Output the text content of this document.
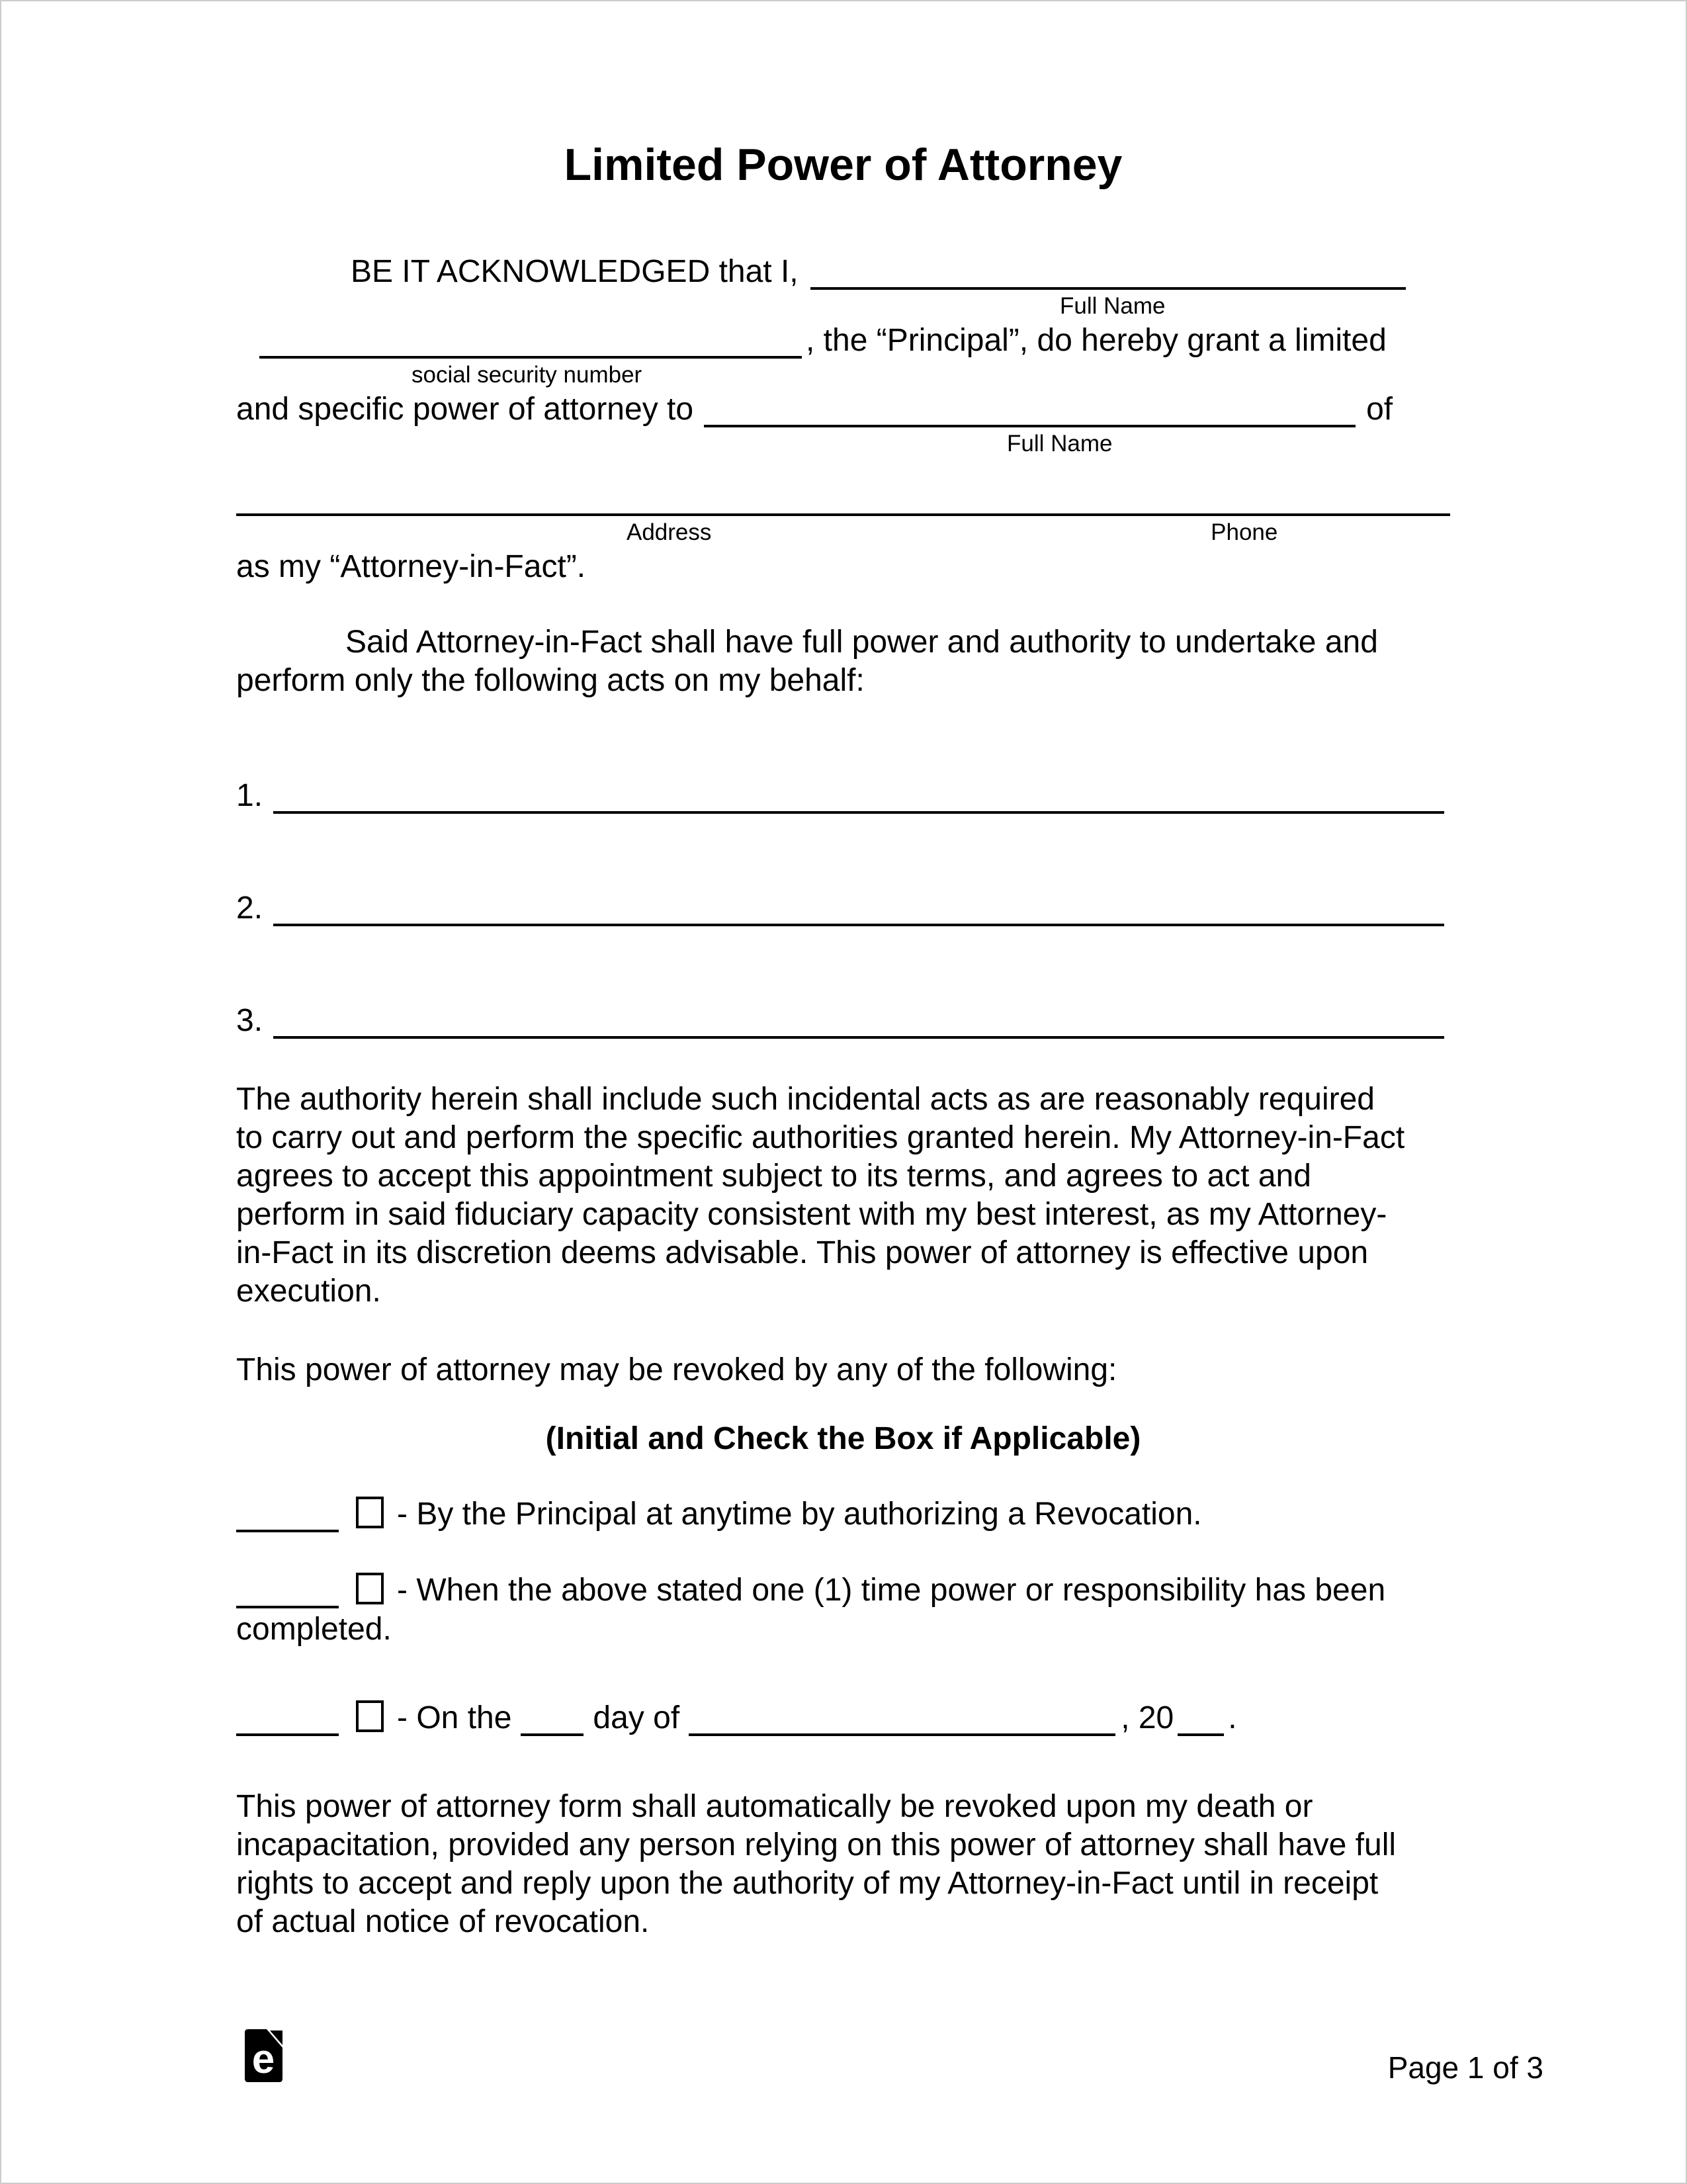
Limited Power of Attorney
BE IT ACKNOWLEDGED that I,
Full Name
, the “Principal”, do hereby grant a limited
social security number
and specific power of attorney to	of
Full Name
Address	Phone
as my “Attorney-in-Fact”.
Said Attorney-in-Fact shall have full power and authority to undertake and
perform only the following acts on my behalf:
1.
2.
3.
The authority herein shall include such incidental acts as are reasonably required
to carry out and perform the specific authorities granted herein. My Attorney-in-Fact
agrees to accept this appointment subject to its terms, and agrees to act and
perform in said fiduciary capacity consistent with my best interest, as my Attorney-
in-Fact in its discretion deems advisable. This power of attorney is effective upon
execution.
This power of attorney may be revoked by any of the following:
(Initial and Check the Box if Applicable)
- By the Principal at anytime by authorizing a Revocation.
- When the above stated one (1) time power or responsibility has been
completed.
- On the	day of	, 20 .
This power of attorney form shall automatically be revoked upon my death or
incapacitation, provided any person relying on this power of attorney shall have full
rights to accept and reply upon the authority of my Attorney-in-Fact until in receipt
of actual notice of revocation.
e	Page 1 of 3
